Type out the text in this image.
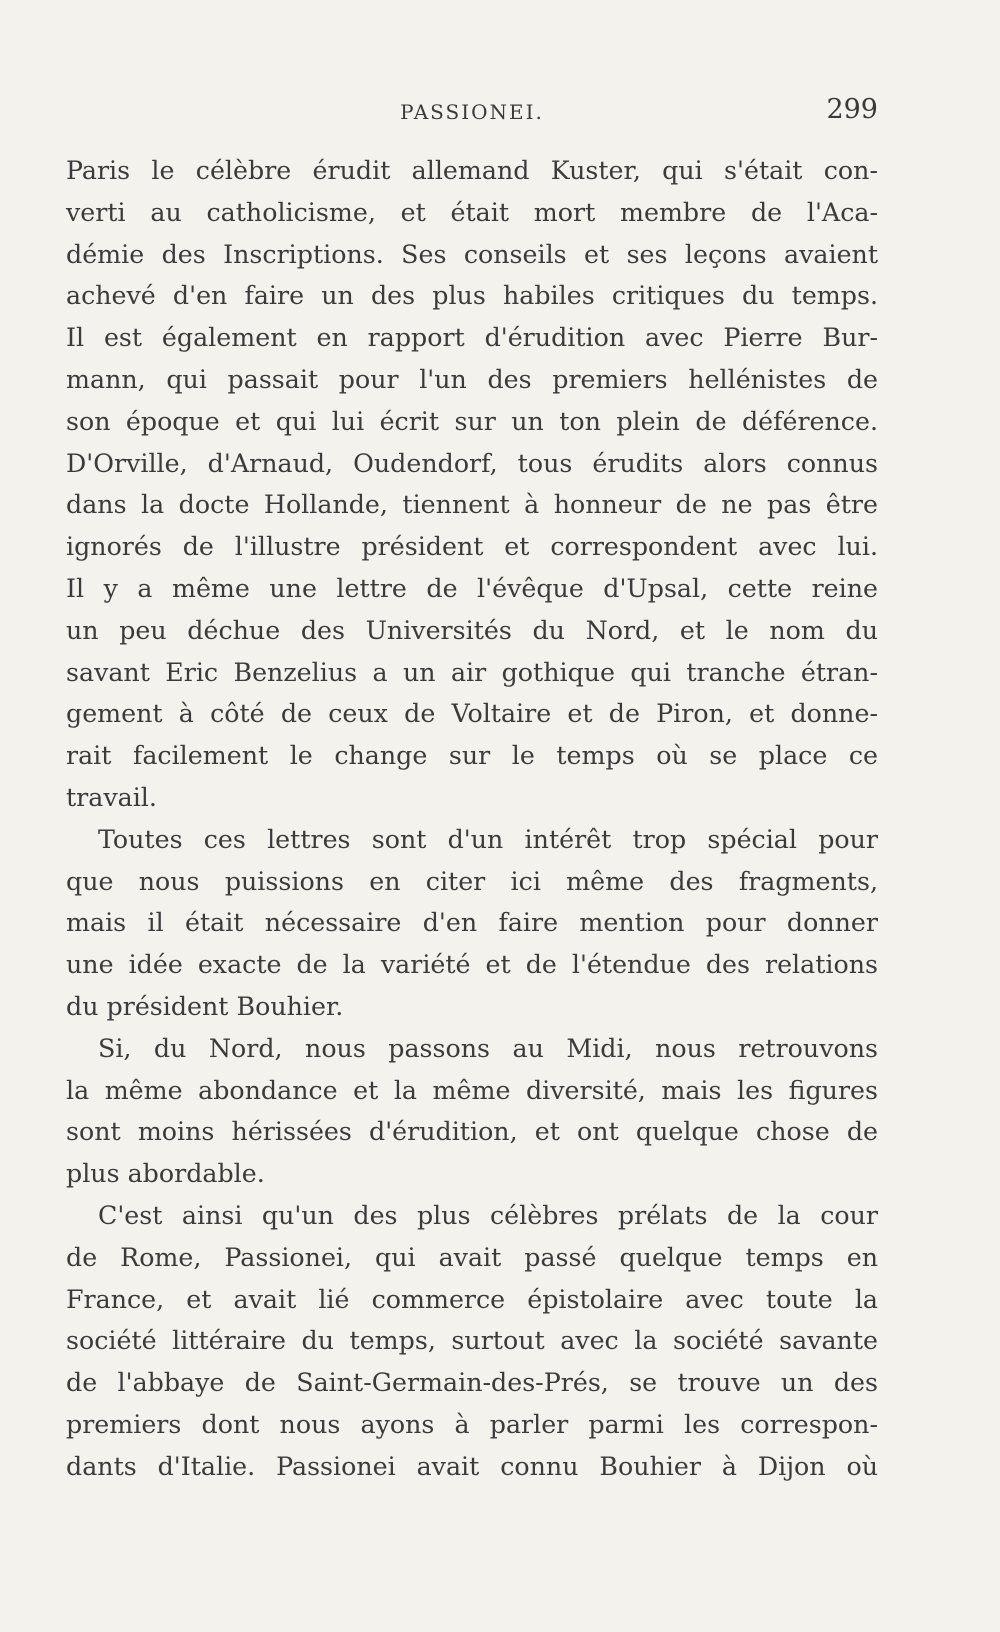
PASSIONEI.	299
Paris le célèbre érudit allemand Kuster, qui s'était con-
verti au catholicisme, et était mort membre de l'Aca-
démie des Inscriptions. Ses conseils et ses leçons avaient
achevé d'en faire un des plus habiles critiques du temps.
Il est également en rapport d'érudition avec Pierre Bur-
mann, qui passait pour l'un des premiers hellénistes de
son époque et qui lui écrit sur un ton plein de déférence.
D'Orville, d'Arnaud, Oudendorf, tous érudits alors connus
dans la docte Hollande, tiennent à honneur de ne pas être
ignorés de l'illustre président et correspondent avec lui.
Il y a même une lettre de l'évêque d'Upsal, cette reine
un peu déchue des Universités du Nord, et le nom du
savant Eric Benzelius a un air gothique qui tranche étran-
gement à côté de ceux de Voltaire et de Piron, et donne-
rait facilement le change sur le temps où se place ce
travail.
Toutes ces lettres sont d'un intérêt trop spécial pour
que nous puissions en citer ici même des fragments,
mais il était nécessaire d'en faire mention pour donner
une idée exacte de la variété et de l'étendue des relations
du président Bouhier.
Si, du Nord, nous passons au Midi, nous retrouvons
la même abondance et la même diversité, mais les figures
sont moins hérissées d'érudition, et ont quelque chose de
plus abordable.
C'est ainsi qu'un des plus célèbres prélats de la cour
de Rome, Passionei, qui avait passé quelque temps en
France, et avait lié commerce épistolaire avec toute la
société littéraire du temps, surtout avec la société savante
de l'abbaye de Saint-Germain-des-Prés, se trouve un des
premiers dont nous ayons à parler parmi les correspon-
dants d'Italie. Passionei avait connu Bouhier à Dijon où
